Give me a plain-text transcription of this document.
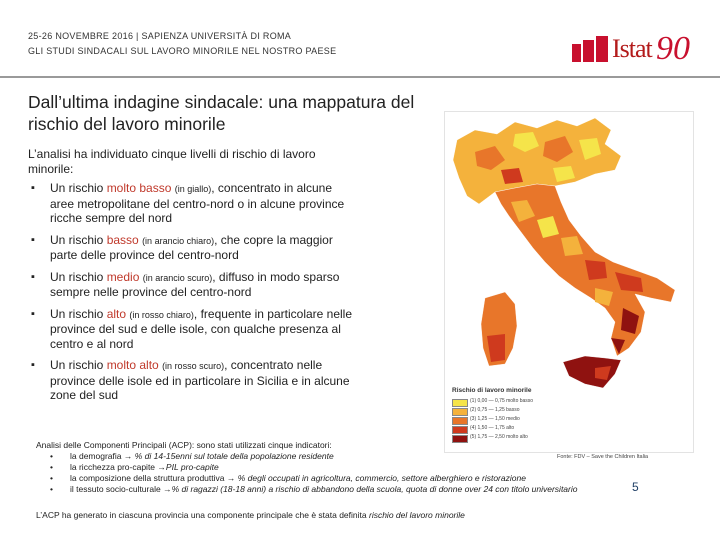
25-26 NOVEMBRE 2016 | SAPIENZA UNIVERSITÀ DI ROMA
GLI STUDI SINDACALI SUL LAVORO MINORILE NEL NOSTRO PAESE	Istat 90
Dall’ultima indagine sindacale: una mappatura del rischio del lavoro minorile
L’analisi ha individuato cinque livelli di rischio di lavoro minorile:
▪ Un rischio molto basso (in giallo), concentrato in alcune aree metropolitane del centro-nord o in alcune province ricche sempre del nord
▪ Un rischio basso (in arancio chiaro), che copre la maggior parte delle province del centro-nord
▪ Un rischio medio (in arancio scuro), diffuso in modo sparso sempre nelle province del centro-nord
▪ Un rischio alto (in rosso chiaro), frequente in particolare nelle province del sud e delle isole, con qualche presenza al centro e al nord
▪ Un rischio molto alto (in rosso scuro), concentrato nelle province delle isole ed in particolare in Sicilia e in alcune zone del sud	Rischio di lavoro minorile
(1) 0,00 — 0,75 molto basso
(2) 0,75 — 1,25 basso
(3) 1,25 — 1,50 medio
(4) 1,50 — 1,75 alto
(5) 1,75 — 2,50 molto alto
Fonte: FDV – Save the Children Italia
Analisi delle Componenti Principali (ACP): sono stati utilizzati cinque indicatori:
• la demografia → % di 14-15enni sul totale della popolazione residente
• la ricchezza pro-capite →PIL pro-capite
• la composizione della struttura produttiva → % degli occupati in agricoltura, commercio, settore alberghiero e ristorazione
• il tessuto socio-culturale →% di ragazzi (18-18 anni) a rischio di abbandono della scuola, quota di donne over 24 con titolo universitario
L’ACP ha generato in ciascuna provincia una componente principale che è stata definita rischio del lavoro minorile
5
